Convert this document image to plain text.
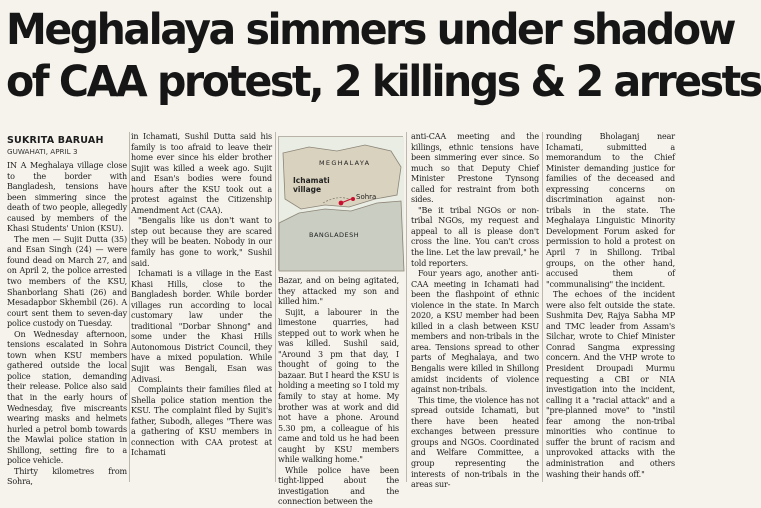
Meghalaya simmers under shadow
of CAA protest, 2 killings & 2 arrests
SUKRITA BARUAH
GUWAHATI, APRIL 3

IN A Meghalaya village close to the border with Bangladesh, tensions have been simmering since the death of two people, allegedly caused by members of the Khasi Students' Union (KSU).

The men — Sujit Dutta (35) and Esan Singh (24) — were found dead on March 27, and on April 2, the police arrested two members of the KSU, Shanborlang Shati (26) and Mesadapbor Skhembil (26). A court sent them to seven-day police custody on Tuesday.

On Wednesday afternoon, tensions escalated in Sohra town when KSU members gathered outside the local police station, demanding their release. Police also said that in the early hours of Wednesday, five miscreants wearing masks and helmets hurled a petrol bomb towards the Mawlai police station in Shillong, setting fire to a police vehicle.

Thirty kilometres from Sohra,

in Ichamati, Sushil Dutta said his family is too afraid to leave their home ever since his elder brother Sujit was killed a week ago. Sujit and Esan's bodies were found hours after the KSU took out a protest against the Citizenship Amendment Act (CAA).

"Bengalis like us don't want to step out because they are scared they will be beaten. Nobody in our family has gone to work," Sushil said.

Ichamati is a village in the East Khasi Hills, close to the Bangladesh border. While border villages run according to local customary law under the traditional "Dorbar Shnong" and some under the Khasi Hills Autonomous District Council, they have a mixed population. While Sujit was Bengali, Esan was Adivasi.

Complaints their families filed at Shella police station mention the KSU. The complaint filed by Sujit's father, Subodh, alleges "There was a gathering of KSU members in connection with CAA protest at Ichamati

MEGHALAYA
Ichamati
village
Sohra
BANGLADESH

Bazar, and on being agitated, they attacked my son and killed him."

Sujit, a labourer in the limestone quarries, had stepped out to work when he was killed. Sushil said, "Around 3 pm that day, I thought of going to the bazaar. But I heard the KSU is holding a meeting so I told my family to stay at home. My brother was at work and did not have a phone. Around 5.30 pm, a colleague of his came and told us he had been caught by KSU members while walking home."

While police have been tight-lipped about the investigation and the connection between the

anti-CAA meeting and the killings, ethnic tensions have been simmering ever since. So much so that Deputy Chief Minister Prestone Tynsong called for restraint from both sides.

"Be it tribal NGOs or non-tribal NGOs, my request and appeal to all is please don't cross the line. You can't cross the line. Let the law prevail," he told reporters.

Four years ago, another anti-CAA meeting in Ichamati had been the flashpoint of ethnic violence in the state. In March 2020, a KSU member had been killed in a clash between KSU members and non-tribals in the area. Tensions spread to other parts of Meghalaya, and two Bengalis were killed in Shillong amidst incidents of violence against non-tribals.

This time, the violence has not spread outside Ichamati, but there have been heated exchanges between pressure groups and NGOs. Coordinated and Welfare Committee, a group representing the interests of non-tribals in the areas sur-

rounding Bholaganj near Ichamati, submitted a memorandum to the Chief Minister demanding justice for families of the deceased and expressing concerns on discrimination against non-tribals in the state. The Meghalaya Linguistic Minority Development Forum asked for permission to hold a protest on April 7 in Shillong. Tribal groups, on the other hand, accused them of "communalising" the incident.

The echoes of the incident were also felt outside the state. Sushmita Dev, Rajya Sabha MP and TMC leader from Assam's Silchar, wrote to Chief Minister Conrad Sangma expressing concern. And the VHP wrote to President Droupadi Murmu requesting a CBI or NIA investigation into the incident, calling it a "racial attack" and a "pre-planned move" to "instil fear among the non-tribal minorities who continue to suffer the brunt of racism and unprovoked attacks with the administration and others washing their hands off."
